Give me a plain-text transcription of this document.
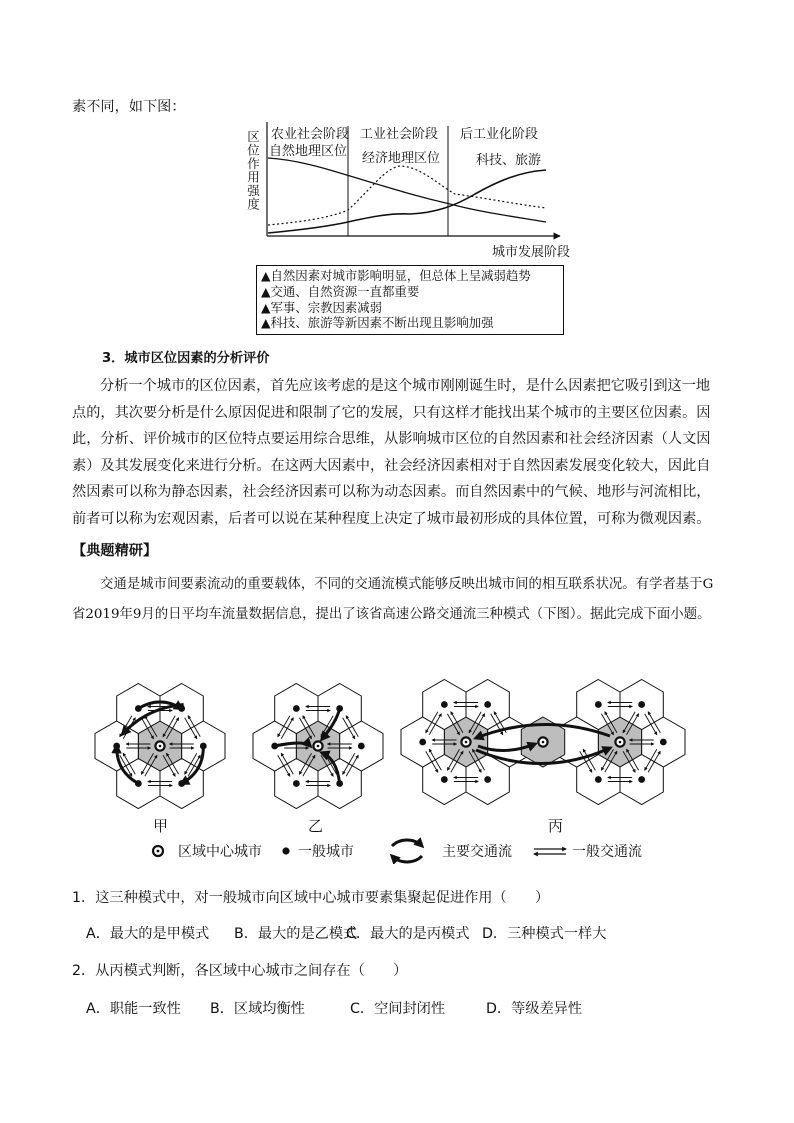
素不同，如下图：
区位作用强度 农业社会阶段 工业社会阶段 后工业化阶段
自然地理区位 经济地理区位	科技、旅游
城市发展阶段
▲自然因素对城市影响明显，但总体上呈减弱趋势
▲交通、自然资源一直都重要
▲军事、宗教因素减弱
▲科技、旅游等新因素不断出现且影响加强
3．城市区位因素的分析评价

分析一个城市的区位因素，首先应该考虑的是这个城市刚刚诞生时，是什么因素把它吸引到这一地点的，其次要分析是什么原因促进和限制了它的发展，只有这样才能找出某个城市的主要区位因素。因此，分析、评价城市的区位特点要运用综合思维，从影响城市区位的自然因素和社会经济因素（人文因素）及其发展变化来进行分析。在这两大因素中，社会经济因素相对于自然因素发展变化较大，因此自然因素可以称为静态因素，社会经济因素可以称为动态因素。而自然因素中的气候、地形与河流相比，前者可以称为宏观因素，后者可以说在某种程度上决定了城市最初形成的具体位置，可称为微观因素。

【典题精研】

交通是城市间要素流动的重要载体，不同的交通流模式能够反映出城市间的相互联系状况。有学者基于G省2019年9月的日平均车流量数据信息，提出了该省高速公路交通流三种模式（下图）。据此完成下面小题。

甲	乙	丙
区域中心城市	一般城市	主要交通流	一般交通流
1．这三种模式中，对一般城市向区域中心城市要素集聚起促进作用（　　）
A．最大的是甲模式 B．最大的是乙模式C．最大的是丙模式 D．三种模式一样大
2．从丙模式判断，各区域中心城市之间存在（　　）
A．职能一致性 B．区域均衡性	C．空间封闭性	D．等级差异性
